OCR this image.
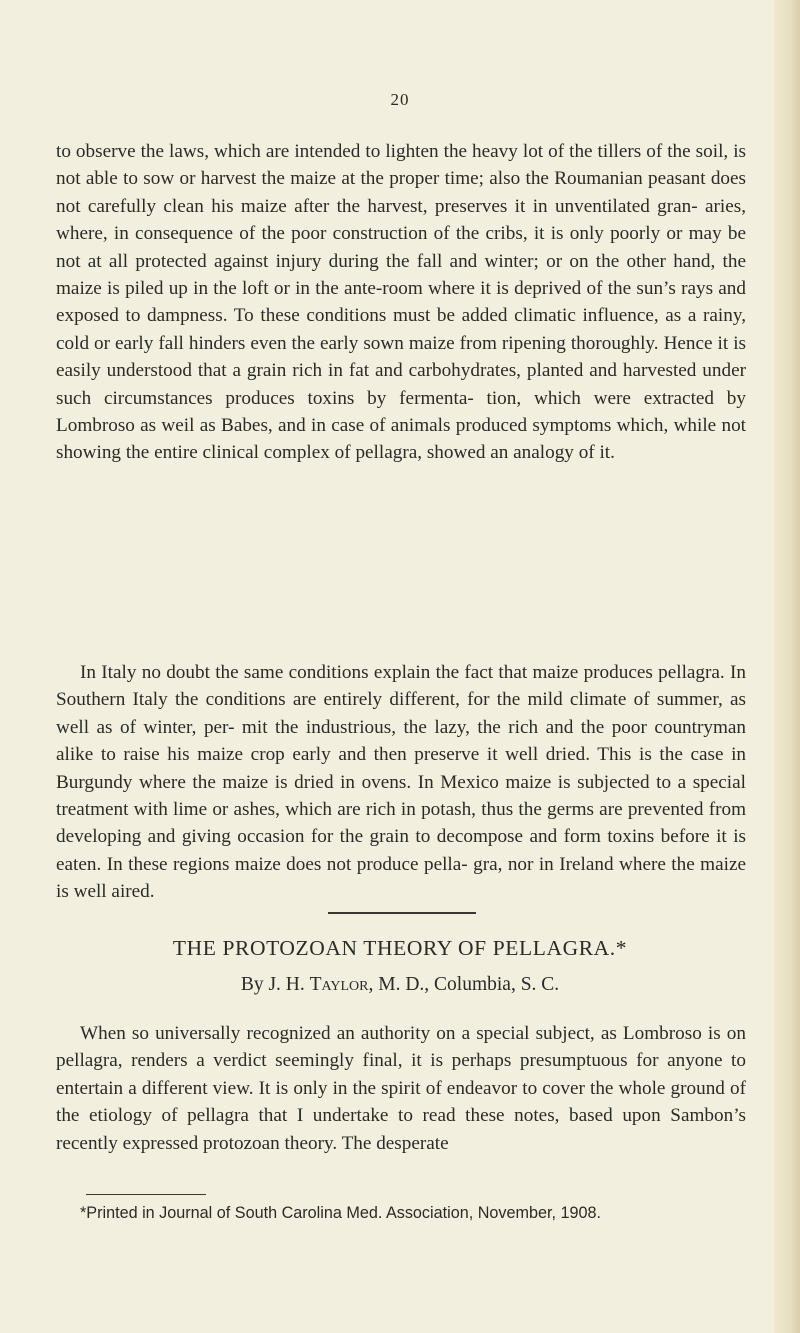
20

to observe the laws, which are intended to lighten the heavy lot of the tillers of the soil, is not able to sow or harvest the maize at the proper time; also the Roumanian peasant does not carefully clean his maize after the harvest, preserves it in unventilated gran- aries, where, in consequence of the poor construction of the cribs, it is only poorly or may be not at all protected against injury during the fall and winter; or on the other hand, the maize is piled up in the loft or in the ante-room where it is deprived of the sun’s rays and exposed to dampness. To these conditions must be added climatic influence, as a rainy, cold or early fall hinders even the early sown maize from ripening thoroughly. Hence it is easily understood that a grain rich in fat and carbohydrates, planted and harvested under such circumstances produces toxins by fermenta- tion, which were extracted by Lombroso as weil as Babes, and in case of animals produced symptoms which, while not showing the entire clinical complex of pellagra, showed an analogy of it.

In Italy no doubt the same conditions explain the fact that maize produces pellagra. In Southern Italy the conditions are entirely different, for the mild climate of summer, as well as of winter, per- mit the industrious, the lazy, the rich and the poor countryman alike to raise his maize crop early and then preserve it well dried. This is the case in Burgundy where the maize is dried in ovens. In Mexico maize is subjected to a special treatment with lime or ashes, which are rich in potash, thus the germs are prevented from developing and giving occasion for the grain to decompose and form toxins before it is eaten. In these regions maize does not produce pella- gra, nor in Ireland where the maize is well aired.

THE PROTOZOAN THEORY OF PELLAGRA.*
By J. H. Taylor, M. D., Columbia, S. C.

When so universally recognized an authority on a special subject, as Lombroso is on pellagra, renders a verdict seemingly final, it is perhaps presumptuous for anyone to entertain a different view. It is only in the spirit of endeavor to cover the whole ground of the etiology of pellagra that I undertake to read these notes, based upon Sambon’s recently expressed protozoan theory. The desperate

*Printed in Journal of South Carolina Med. Association, November, 1908.
